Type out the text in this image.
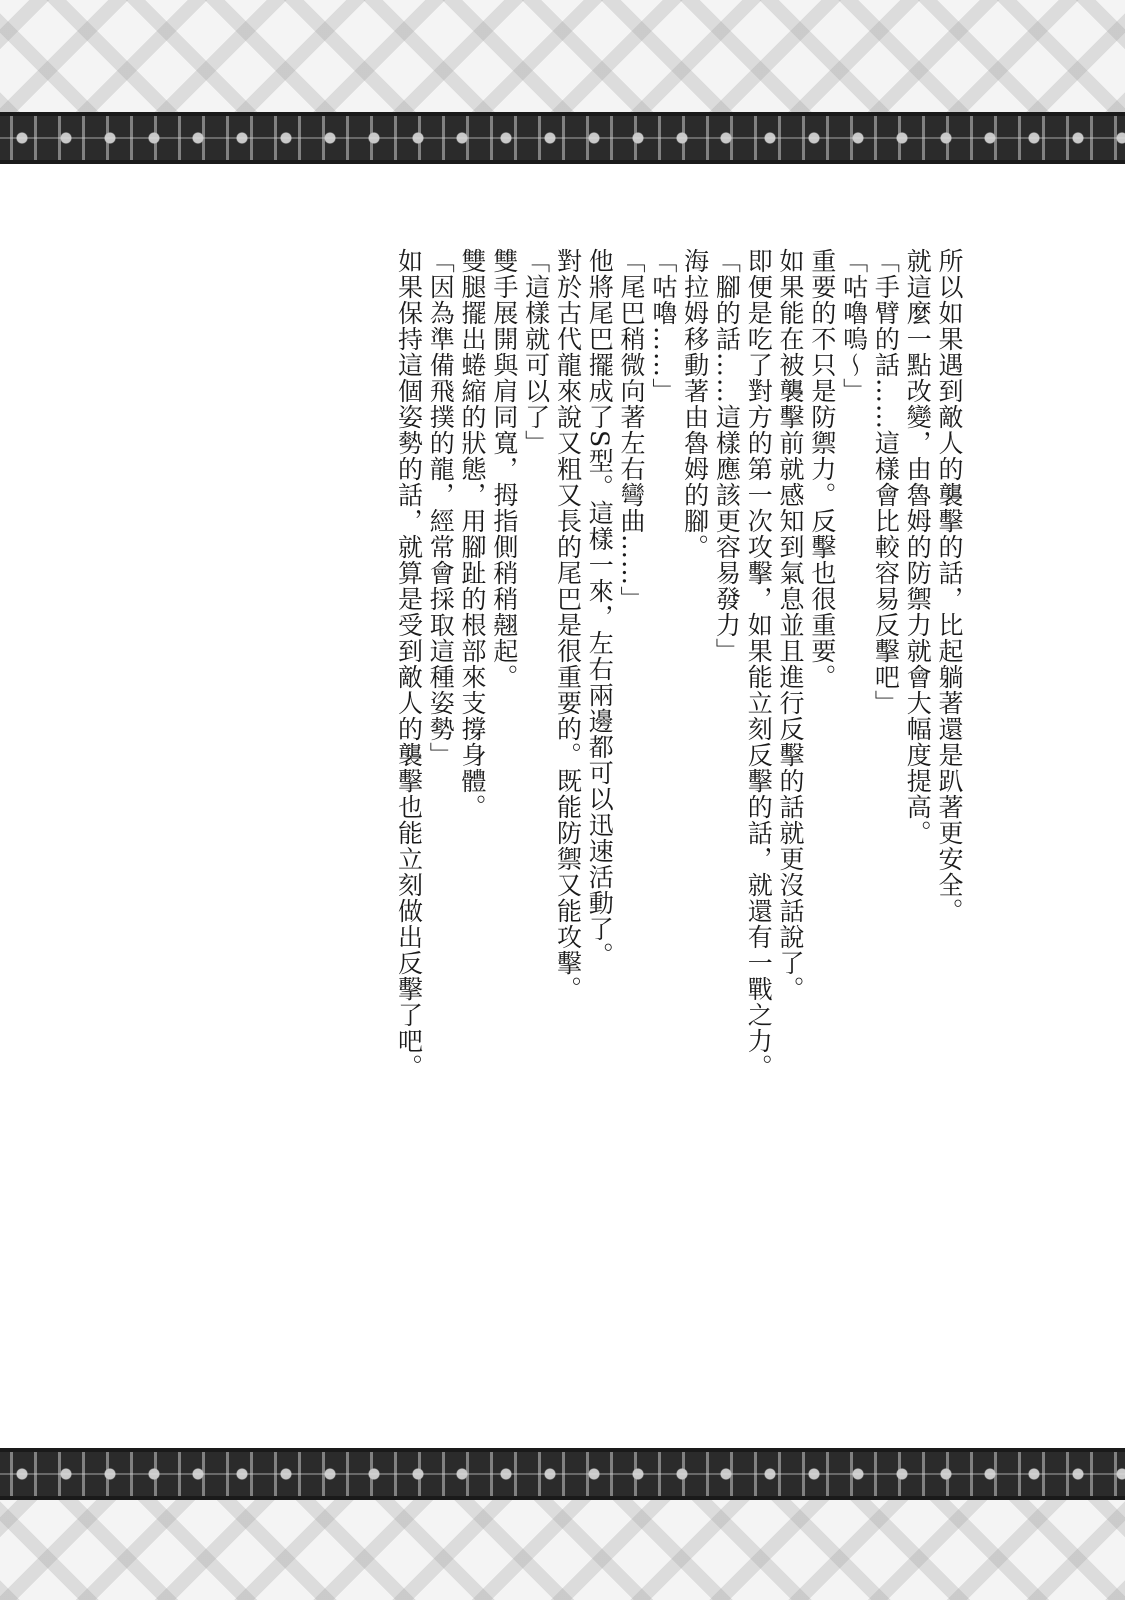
所以如果遇到敵人的襲擊的話，比起躺著還是趴著更安全。

就這麼一點改變，由魯姆的防禦力就會大幅度提高。

「手臂的話……這樣會比較容易反擊吧」

「咕嚕嗚〜」

重要的不只是防禦力。反擊也很重要。

如果能在被襲擊前就感知到氣息並且進行反擊的話就更沒話說了。

即便是吃了對方的第一次攻擊，如果能立刻反擊的話，就還有一戰之力。

「腳的話……這樣應該更容易發力」

海拉姆移動著由魯姆的腳。

「咕嚕……」

「尾巴稍微向著左右彎曲……」

他將尾巴擺成了S型。這樣一來，左右兩邊都可以迅速活動了。

對於古代龍來說又粗又長的尾巴是很重要的。既能防禦又能攻擊。

「這樣就可以了」

雙手展開與肩同寬，拇指側稍稍翹起。

雙腿擺出蜷縮的狀態，用腳趾的根部來支撐身體。

「因為準備飛撲的龍，經常會採取這種姿勢」

如果保持這個姿勢的話，就算是受到敵人的襲擊也能立刻做出反擊了吧。
